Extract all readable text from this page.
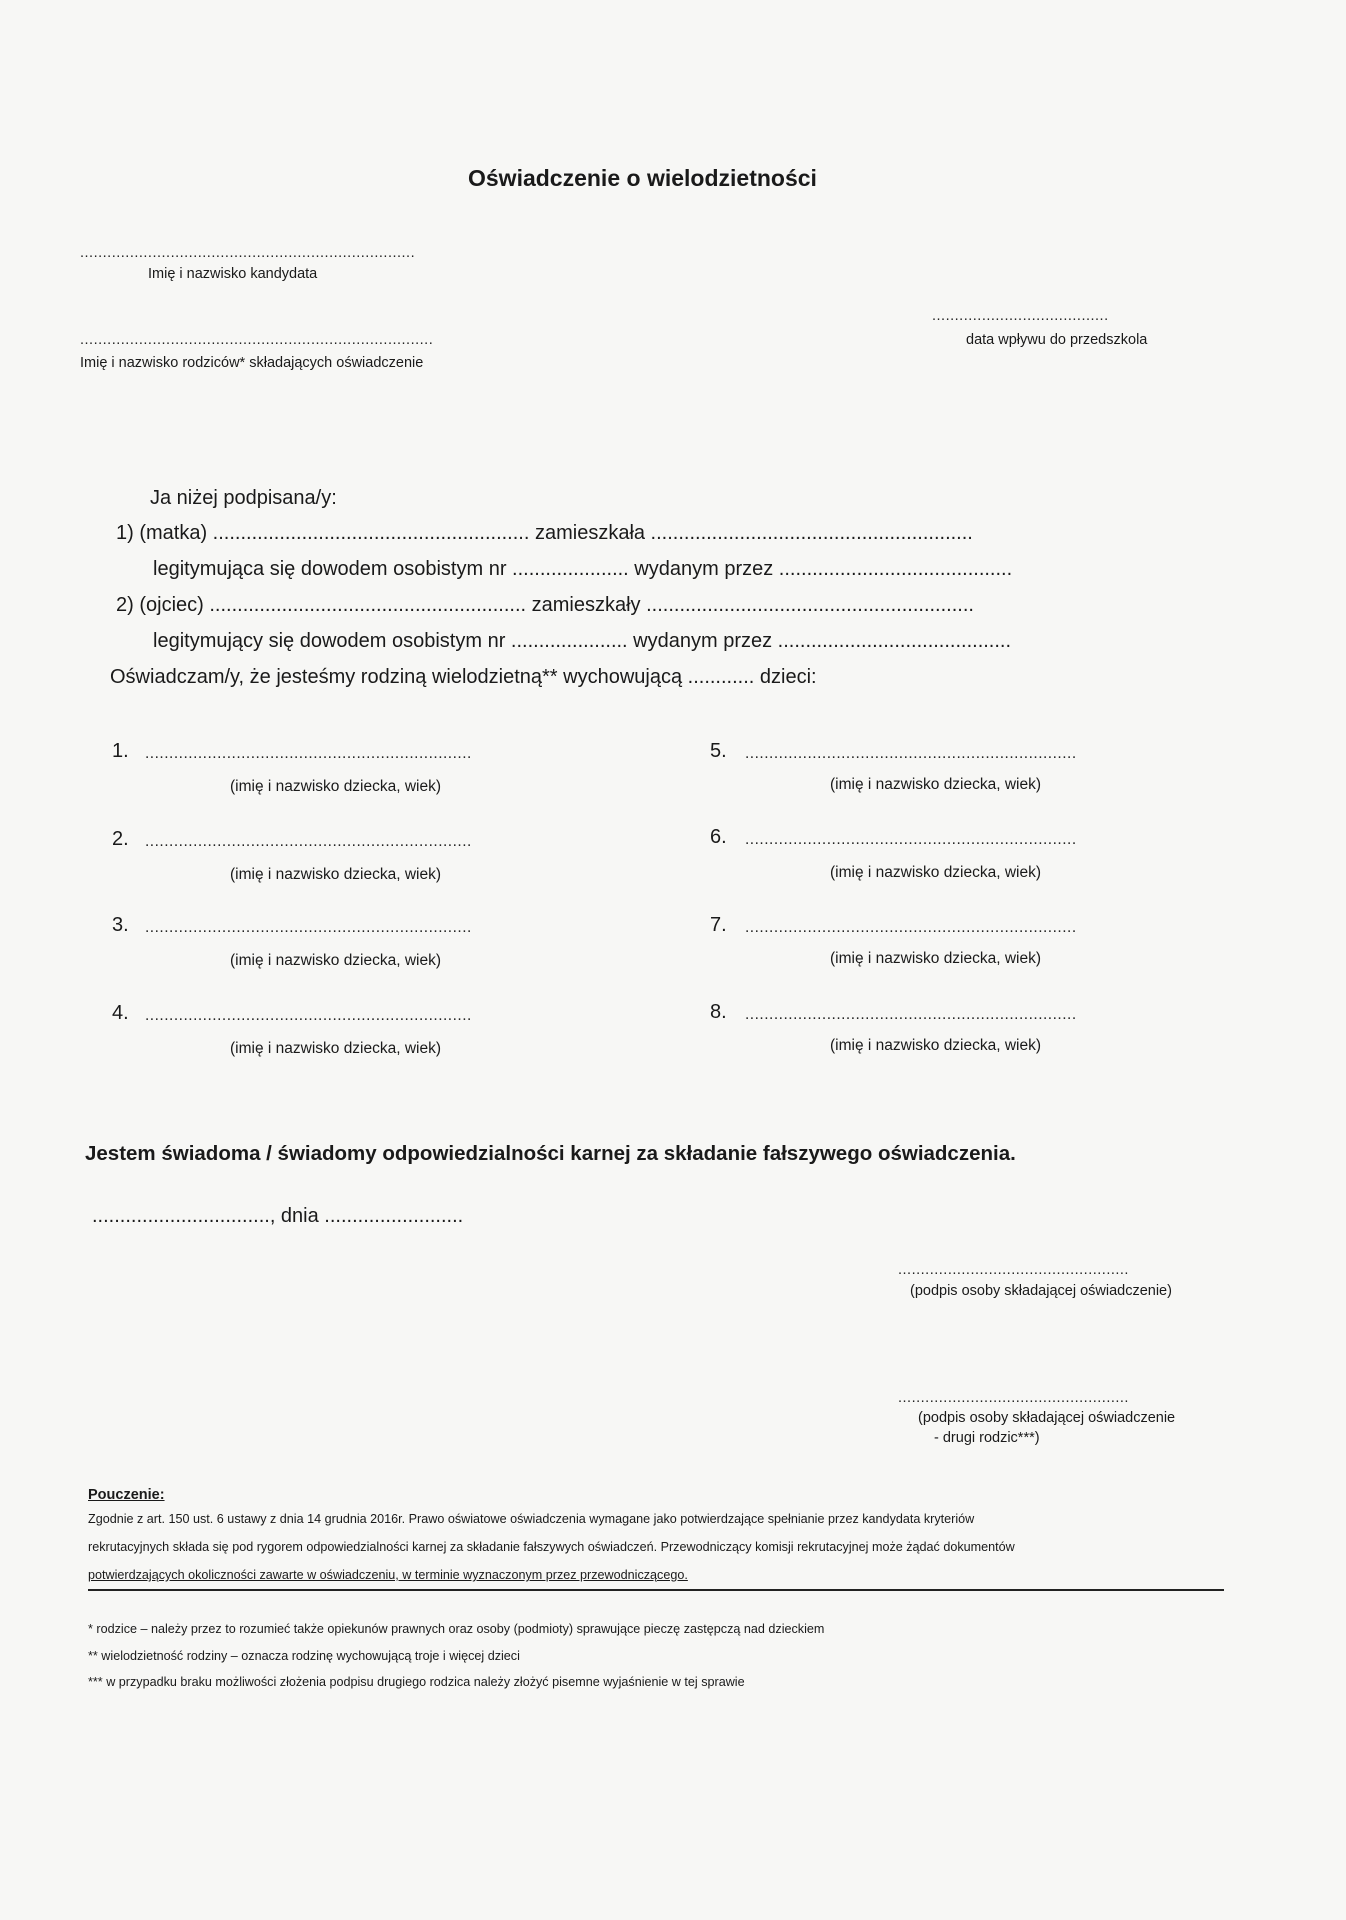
Oświadczenie o wielodzietności
..........................................................................
Imię i nazwisko kandydata
..............................................................................
Imię i nazwisko rodziców* składających oświadczenie
.......................................
data wpływu do przedszkola
Ja niżej podpisana/y:
1) (matka) ......................................................... zamieszkała ..........................................................
legitymująca się dowodem osobistym nr ..................... wydanym przez ..........................................
2) (ojciec) ......................................................... zamieszkały ...........................................................
legitymujący się dowodem osobistym nr ..................... wydanym przez ..........................................
Oświadczam/y, że jesteśmy rodziną wielodzietną** wychowującą ............ dzieci:
1. ....................................................................
(imię i nazwisko dziecka, wiek)
2. ....................................................................
(imię i nazwisko dziecka, wiek)
3. ....................................................................
(imię i nazwisko dziecka, wiek)
4. ....................................................................
(imię i nazwisko dziecka, wiek)
5. .....................................................................
(imię i nazwisko dziecka, wiek)
6. .....................................................................
(imię i nazwisko dziecka, wiek)
7. .....................................................................
(imię i nazwisko dziecka, wiek)
8. .....................................................................
(imię i nazwisko dziecka, wiek)
Jestem świadoma / świadomy odpowiedzialności karnej za składanie fałszywego oświadczenia.
................................, dnia .........................
...................................................
(podpis osoby składającej oświadczenie)
...................................................
(podpis osoby składającej oświadczenie
- drugi rodzic***)
Pouczenie:
Zgodnie z art. 150 ust. 6 ustawy z dnia 14 grudnia 2016r. Prawo oświatowe oświadczenia wymagane jako potwierdzające spełnianie przez kandydata kryteriów
rekrutacyjnych składa się pod rygorem odpowiedzialności karnej za składanie fałszywych oświadczeń. Przewodniczący komisji rekrutacyjnej może żądać dokumentów
potwierdzających okoliczności zawarte w oświadczeniu, w terminie wyznaczonym przez przewodniczącego.
* rodzice – należy przez to rozumieć także opiekunów prawnych oraz osoby (podmioty) sprawujące pieczę zastępczą nad dzieckiem
** wielodzietność rodziny – oznacza rodzinę wychowującą troje i więcej dzieci
*** w przypadku braku możliwości złożenia podpisu drugiego rodzica należy złożyć pisemne wyjaśnienie w tej sprawie
